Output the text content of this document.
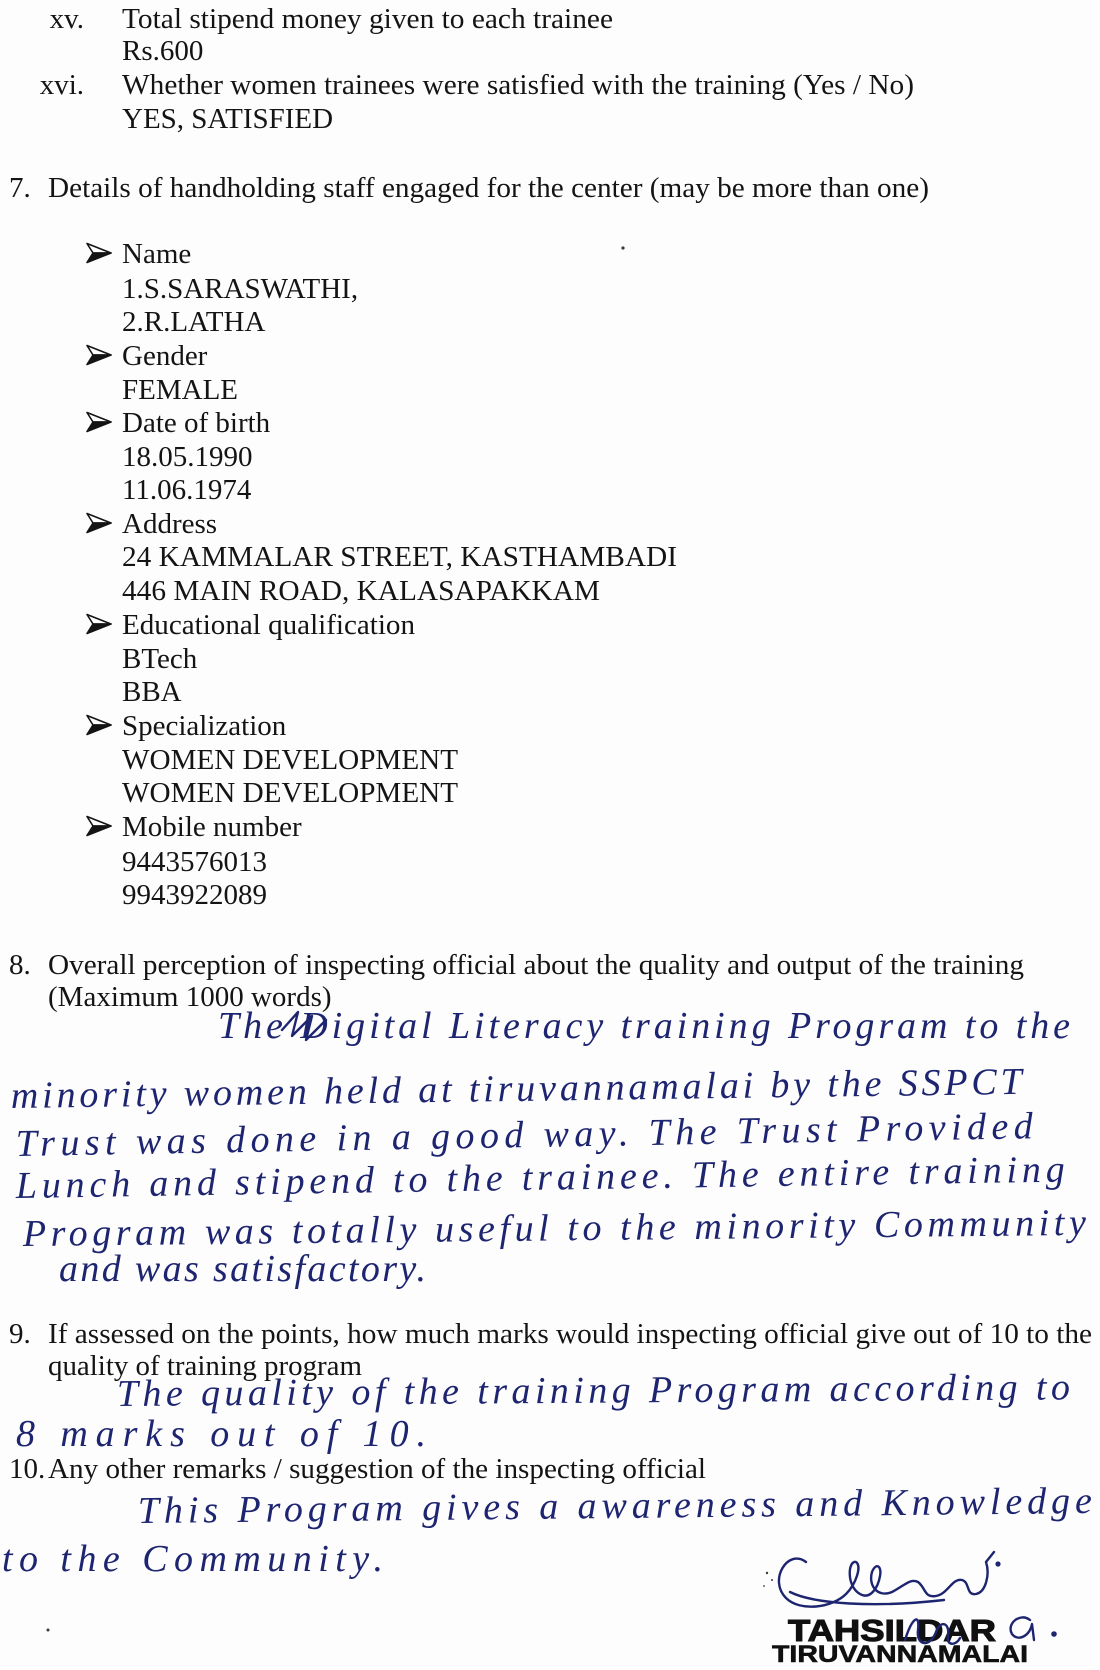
xv. Total stipend money given to each trainee
Rs.600
xvi. Whether women trainees were satisfied with the training (Yes / No)
YES, SATISFIED
7. Details of handholding staff engaged for the center (may be more than one)
Name
1.S.SARASWATHI,
2.R.LATHA
Gender
FEMALE
Date of birth
18.05.1990
11.06.1974
Address
24 KAMMALAR STREET, KASTHAMBADI
446 MAIN ROAD, KALASAPAKKAM
Educational qualification
BTech
BBA
Specialization
WOMEN DEVELOPMENT
WOMEN DEVELOPMENT
Mobile number
9443576013
9943922089
8. Overall perception of inspecting official about the quality and output of the training
(Maximum 1000 words)
The Digital Literacy training Program to the
minority women held at tiruvannamalai by the SSPCT
Trust was done in a good way. The Trust Provided
Lunch and stipend to the trainee. The entire training
Program was totally useful to the minority Community
and was satisfactory.
9. If assessed on the points, how much marks would inspecting official give out of 10 to the
quality of training program
The quality of the training Program according to
8 marks out of 10.
10. Any other remarks / suggestion of the inspecting official
This Program gives a awareness and Knowledge
to the Community.
TAHSILDAR
TIRUVANNAMALAI
